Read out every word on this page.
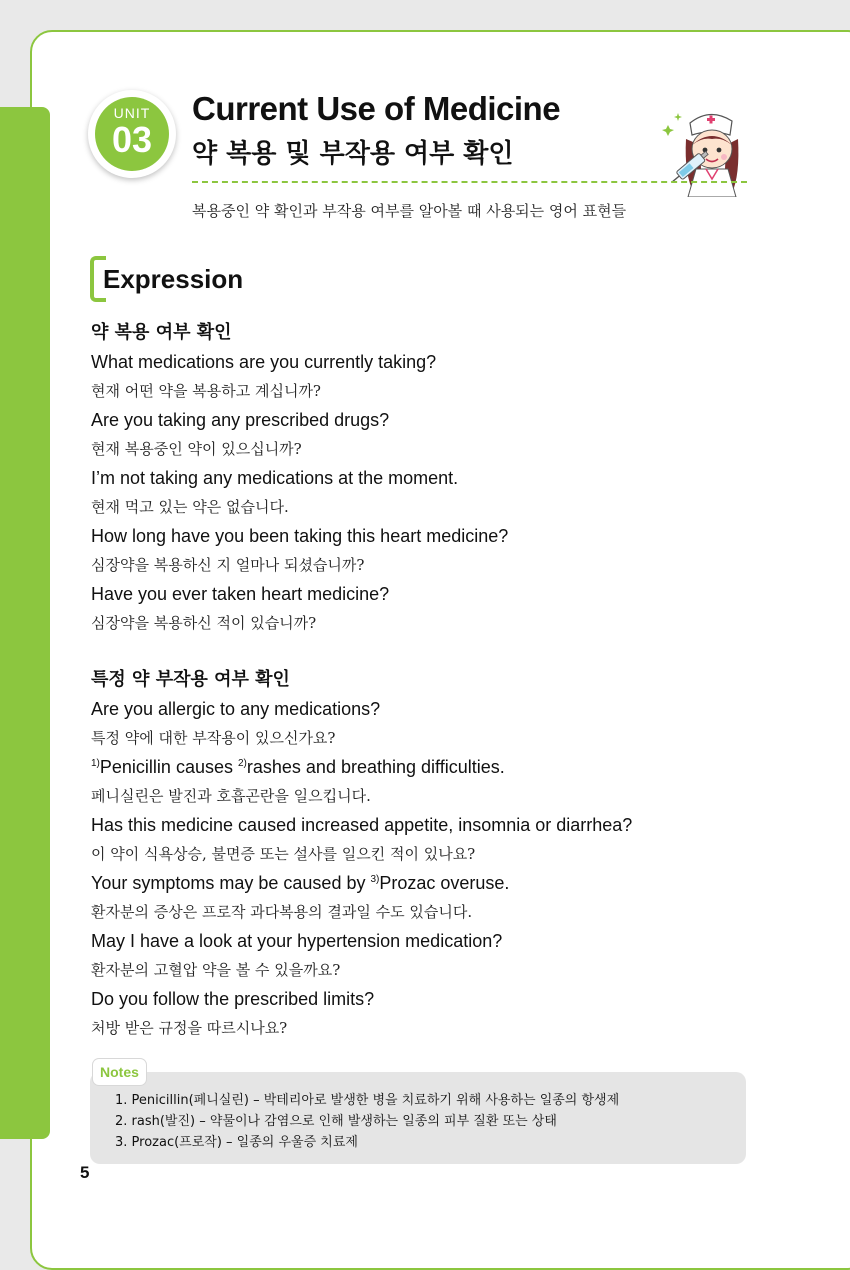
UNIT
03
Current Use of Medicine
약 복용 및 부작용 여부 확인

복용중인 약 확인과 부작용 여부를 알아볼 때 사용되는 영어 표현들

Expression

약 복용 여부 확인

What medications are you currently taking?

현재 어떤 약을 복용하고 계십니까?

Are you taking any prescribed drugs?

현재 복용중인 약이 있으십니까?

I’m not taking any medications at the moment.

현재 먹고 있는 약은 없습니다.

How long have you been taking this heart medicine?

심장약을 복용하신 지 얼마나 되셨습니까?

Have you ever taken heart medicine?

심장약을 복용하신 적이 있습니까?

특정 약 부작용 여부 확인

Are you allergic to any medications?

특정 약에 대한 부작용이 있으신가요?

$^{1)}$Penicillin causes $^{2)}$rashes and breathing difficulties.

페니실린은 발진과 호흡곤란을 일으킵니다.

Has this medicine caused increased appetite, insomnia or diarrhea?

이 약이 식욕상승, 불면증 또는 설사를 일으킨 적이 있나요?

Your symptoms may be caused by $^{3)}$Prozac overuse.

환자분의 증상은 프로작 과다복용의 결과일 수도 있습니다.

May I have a look at your hypertension medication?

환자분의 고혈압 약을 볼 수 있을까요?

Do you follow the prescribed limits?

처방 받은 규정을 따르시나요?

Notes
1. Penicillin(페니실린) – 박테리아로 발생한 병을 치료하기 위해 사용하는 일종의 항생제
2. rash(발진) – 약물이나 감염으로 인해 발생하는 일종의 피부 질환 또는 상태
3. Prozac(프로작) – 일종의 우울증 치료제
5
